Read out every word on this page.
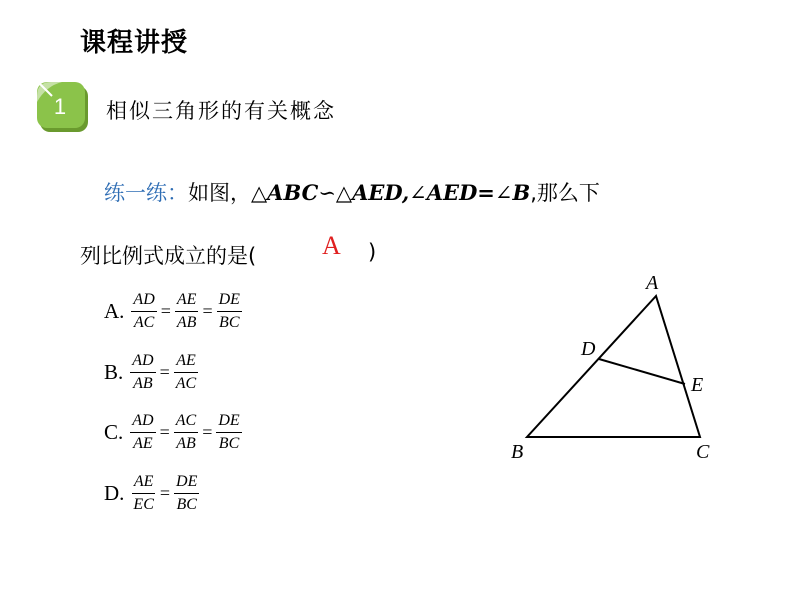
课程讲授
1 相似三角形的有关概念
练一练：如图，△ABC∽△AED,∠AED=∠B,那么下
列比例式成立的是(	A )
A. $\frac{AD}{AC} = \frac{AE}{AB} = \frac{DE}{BC}$
B. $\frac{AD}{AB} = \frac{AE}{AC}$
C. $\frac{AD}{AE} = \frac{AC}{AB} = \frac{DE}{BC}$
D. $\frac{AE}{EC} = \frac{DE}{BC}$
A
B	C
D
E
